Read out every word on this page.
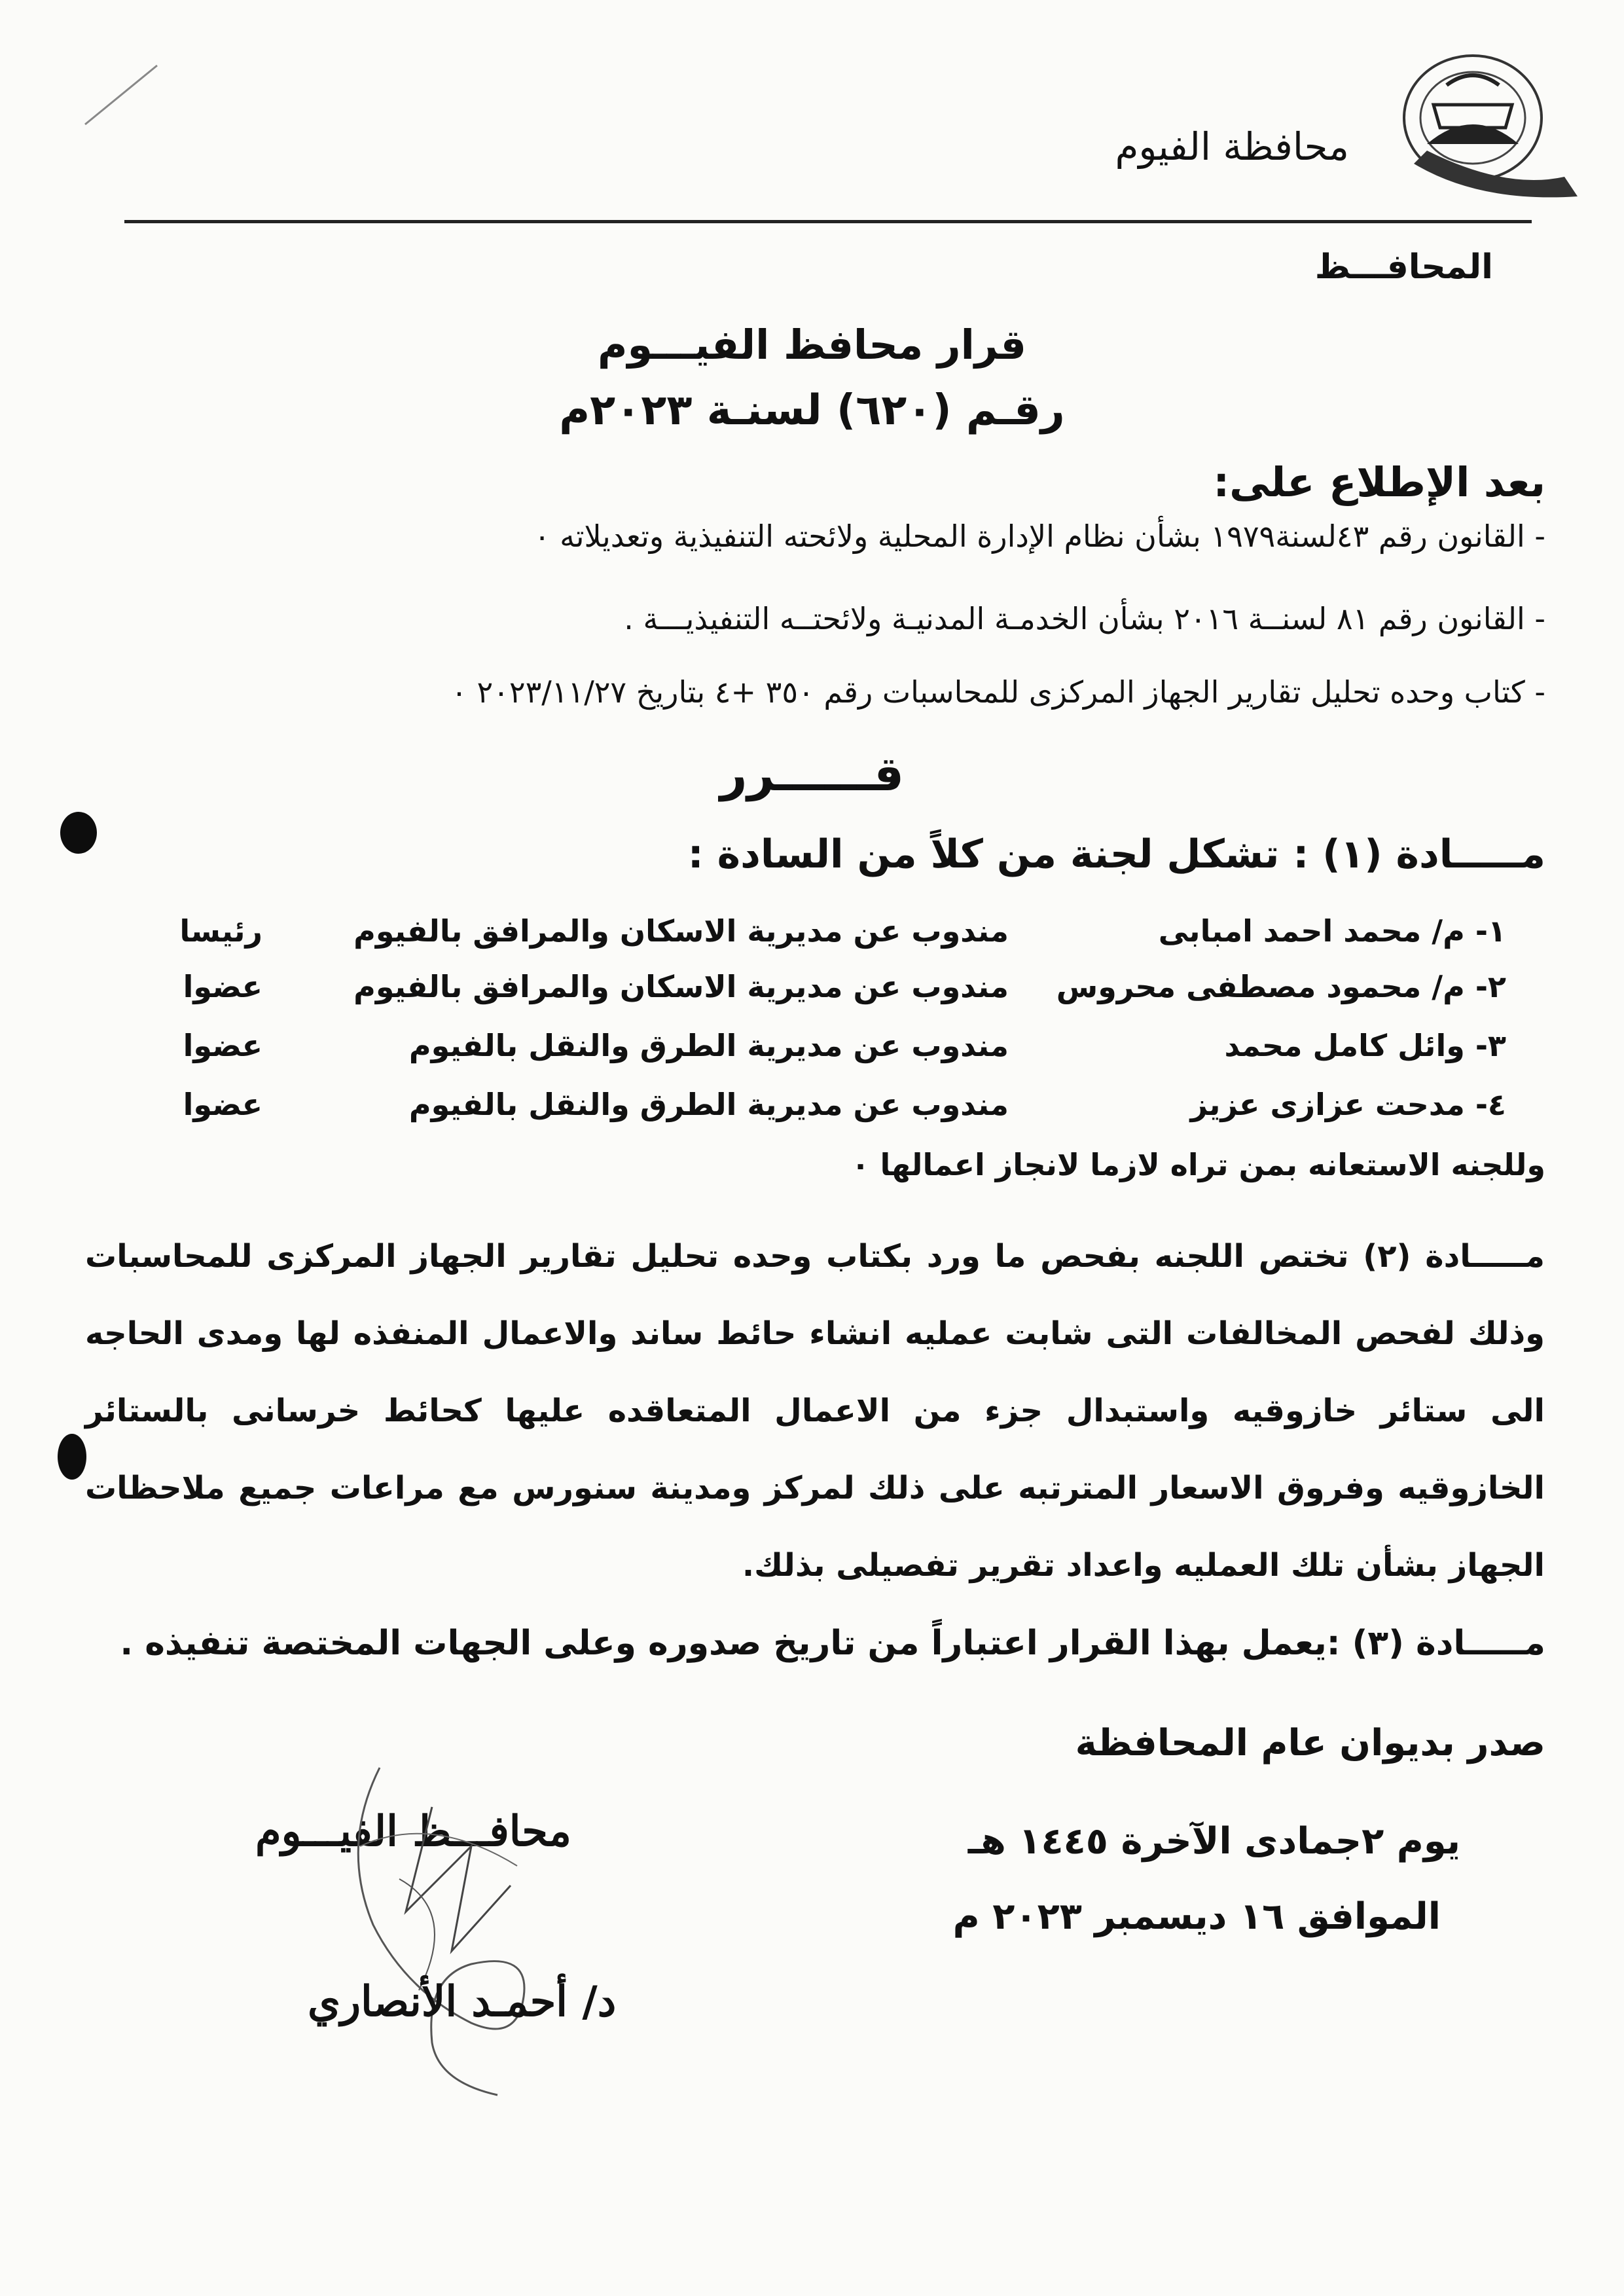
محافظة الفيوم
المحافـــظ
قرار محافظ الفيـــوم
رقـم (٦٢٠) لسنـة ٢٠٢٣م
بعد الإطلاع على:
- القانون رقم ٤٣لسنة١٩٧٩ بشأن نظام الإدارة المحلية ولائحته التنفيذية وتعديلاته ٠
- القانون رقم ٨١ لسنــة ٢٠١٦ بشأن الخدمـة المدنيـة ولائحتــه التنفيذيـــة .
- كتاب وحده تحليل تقارير الجهاز المركزى للمحاسبات رقم ٣٥٠ +٤ بتاريخ ٢٠٢٣/١١/٢٧ ٠
قــــــرر
مـــــادة (١) : تشكل لجنة من كلاً من السادة :
١- م/ محمد احمد امبابى
مندوب عن مديرية الاسكان والمرافق بالفيوم
رئيسا
٢- م/ محمود مصطفى محروس
مندوب عن مديرية الاسكان والمرافق بالفيوم
عضوا
٣- وائل كامل محمد
مندوب عن مديرية الطرق والنقل بالفيوم
عضوا
٤- مدحت عزازى عزيز
مندوب عن مديرية الطرق والنقل بالفيوم
عضوا
وللجنه الاستعانه بمن تراه لازما لانجاز اعمالها ٠
مـــــادة (٢) تختص اللجنه بفحص ما ورد بكتاب وحده تحليل تقارير الجهاز المركزى للمحاسبات وذلك لفحص المخالفات التى شابت عمليه انشاء حائط ساند والاعمال المنفذه لها ومدى الحاجه الى ستائر خازوقيه واستبدال جزء من الاعمال المتعاقده عليها كحائط خرسانى بالستائر الخازوقيه وفروق الاسعار المترتبه على ذلك لمركز ومدينة سنورس مع مراعات جميع ملاحظات الجهاز بشأن تلك العمليه واعداد تقرير تفصيلى بذلك.
مـــــادة (٣) :يعمل بهذا القرار اعتباراً من تاريخ صدوره وعلى الجهات المختصة تنفيذه .
صدر بديوان عام المحافظة
يوم ٢جمادى الآخرة ١٤٤٥ هـ
الموافق ١٦ ديسمبر ٢٠٢٣ م
محافـــظ الفيـــوم
د/ أحمـد الأنصاري
